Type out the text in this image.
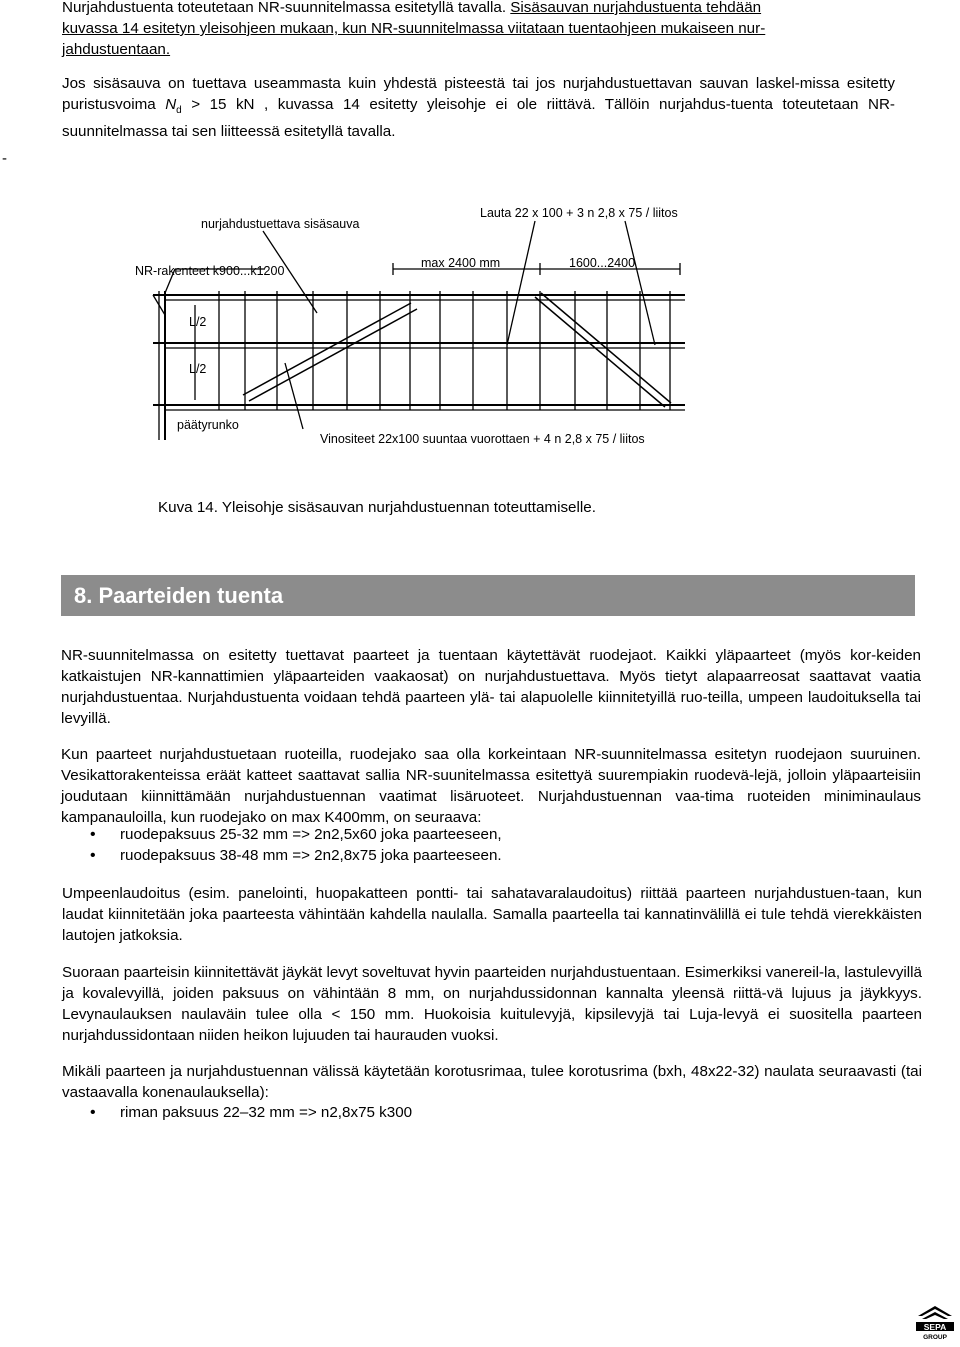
Nurjahdustuenta toteutetaan NR-suunnitelmassa esitetyllä tavalla. Sisäsauvan nurjahdustuenta tehdään
kuvassa 14 esitetyn yleisohjeen mukaan, kun NR-suunnitelmassa viitataan tuentaohjeen mukaiseen nur-
jahdustuentaan.

Jos sisäsauva on tuettava useammasta kuin yhdestä pisteestä tai jos nurjahdustuettavan sauvan laskel-missa esitetty puristusvoima $N_d > 15$ kN , kuvassa 14 esitetty yleisohje ei ole riittävä. Tällöin nurjahdus-tuenta toteutetaan NR-suunnitelmassa tai sen liitteessä esitetyllä tavalla.

-
nurjahdustuettava sisäsauva
Lauta 22 x 100 + 3 n 2,8 x 75 / liitos
NR-rakenteet k900...k1200
max 2400 mm	1600...2400
L/2
L/2
päätyrunko
Vinositeet 22x100 suuntaa vuorottaen + 4 n 2,8 x 75 / liitos
Kuva 14. Yleisohje sisäsauvan nurjahdustuennan toteuttamiselle.
8. Paarteiden tuenta

NR-suunnitelmassa on esitetty tuettavat paarteet ja tuentaan käytettävät ruodejaot. Kaikki yläpaarteet (myös kor-keiden katkaistujen NR-kannattimien yläpaarteiden vaakaosat) on nurjahdustuettava. Myös tietyt alapaarreosat saattavat vaatia nurjahdustuentaa. Nurjahdustuenta voidaan tehdä paarteen ylä- tai alapuolelle kiinnitetyillä ruo-teilla, umpeen laudoituksella tai levyillä.

Kun paarteet nurjahdustuetaan ruoteilla, ruodejako saa olla korkeintaan NR-suunnitelmassa esitetyn ruodejaon suuruinen. Vesikattorakenteissa eräät katteet saattavat sallia NR-suunitelmassa esitettyä suurempiakin ruodevä-lejä, jolloin yläpaarteisiin joudutaan kiinnittämään nurjahdustuennan vaatimat lisäruoteet. Nurjahdustuennan vaa-tima ruoteiden miniminaulaus kampanauloilla, kun ruodejako on max K400mm, on seuraava:

• ruodepaksuus 25-32 mm => 2n2,5x60 joka paarteeseen,
• ruodepaksuus 38-48 mm => 2n2,8x75 joka paarteeseen.

Umpeenlaudoitus (esim. panelointi, huopakatteen pontti- tai sahatavaralaudoitus) riittää paarteen nurjahdustuen-taan, kun laudat kiinnitetään joka paarteesta vähintään kahdella naulalla. Samalla paarteella tai kannatinvälillä ei tule tehdä vierekkäisten lautojen jatkoksia.

Suoraan paarteisin kiinnitettävät jäykät levyt soveltuvat hyvin paarteiden nurjahdustuentaan. Esimerkiksi vanereil-la, lastulevyillä ja kovalevyillä, joiden paksuus on vähintään 8 mm, on nurjahdussidonnan kannalta yleensä riittä-vä lujuus ja jäykkyys. Levynaulauksen naulaväin tulee olla < 150 mm. Huokoisia kuitulevyjä, kipsilevyjä tai Luja-levyä ei suositella paarteen nurjahdussidontaan niiden heikon lujuuden tai haurauden vuoksi.

Mikäli paarteen ja nurjahdustuennan välissä käytetään korotusrimaa, tulee korotusrima (bxh, 48x22-32) naulata seuraavasti (tai vastaavalla konenaulauksella):

• riman paksuus 22–32 mm => n2,8x75 k300
SEPA
GROUP
